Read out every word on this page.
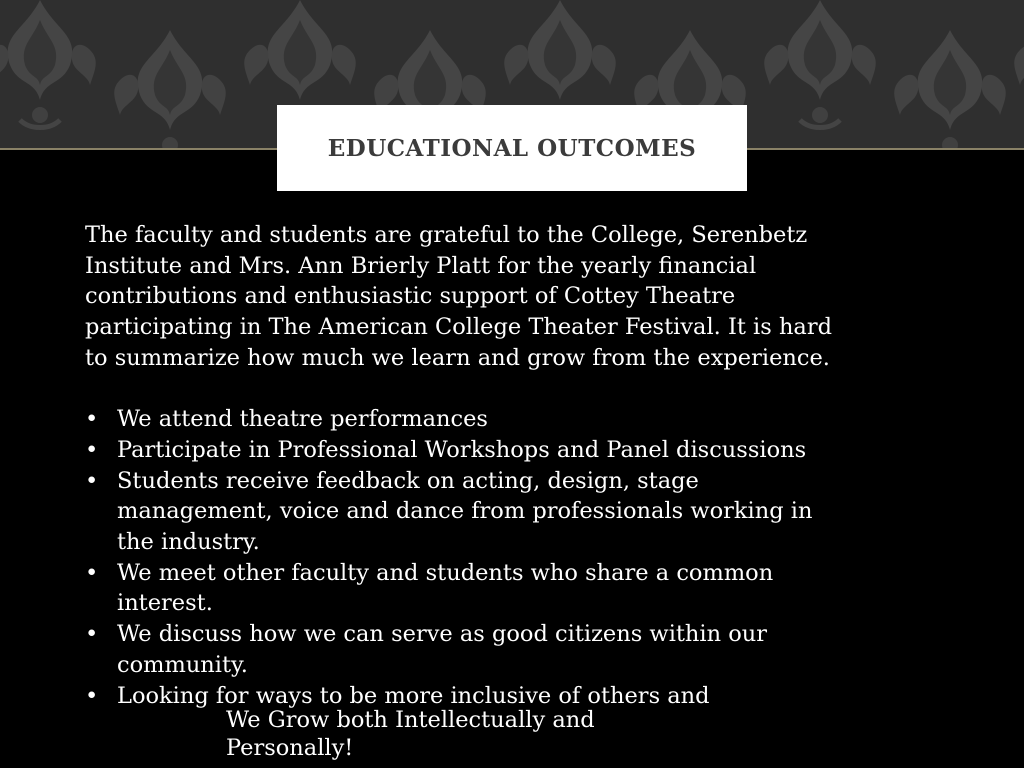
EDUCATIONAL OUTCOMES

The faculty and students are grateful to the College, Serenbetz Institute and Mrs. Ann Brierly Platt for the yearly financial contributions and enthusiastic support of Cottey Theatre participating in The American College Theater Festival. It is hard to summarize how much we learn and grow from the experience.

• We attend theatre performances
• Participate in Professional Workshops and Panel discussions
• Students receive feedback on acting, design, stage management, voice and dance from professionals working in the industry.
• We meet other faculty and students who share a common interest.
• We discuss how we can serve as good citizens within our community.
• Looking for ways to be more inclusive of others and
We Grow both Intellectually and Personally!
